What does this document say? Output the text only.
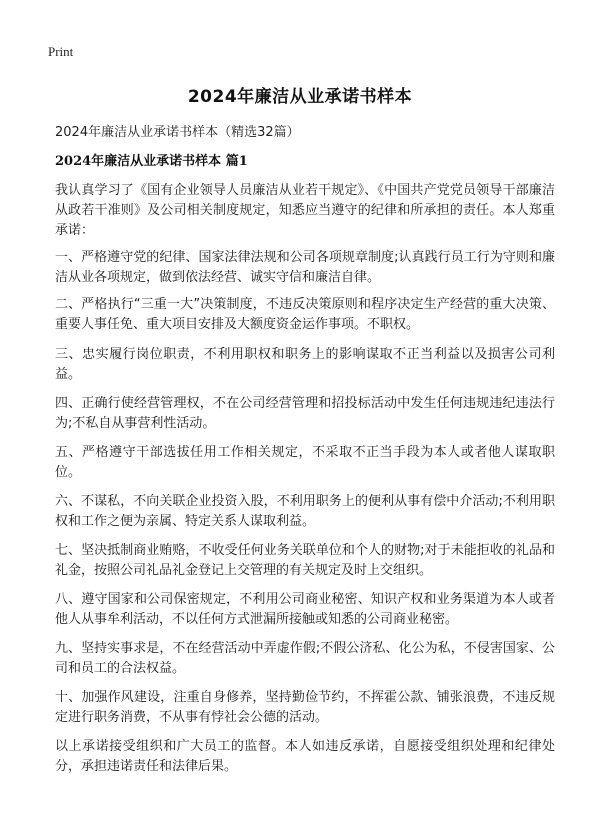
Print
2024年廉洁从业承诺书样本
2024年廉洁从业承诺书样本（精选32篇）
2024年廉洁从业承诺书样本 篇1

我认真学习了《国有企业领导人员廉洁从业若干规定》、《中国共产党党员领导干部廉洁从政若干准则》及公司相关制度规定，知悉应当遵守的纪律和所承担的责任。本人郑重承诺：

一、严格遵守党的纪律、国家法律法规和公司各项规章制度;认真践行员工行为守则和廉洁从业各项规定，做到依法经营、诚实守信和廉洁自律。

二、严格执行“三重一大”决策制度，不违反决策原则和程序决定生产经营的重大决策、重要人事任免、重大项目安排及大额度资金运作事项。不职权。

三、忠实履行岗位职责，不利用职权和职务上的影响谋取不正当利益以及损害公司利益。

四、正确行使经营管理权，不在公司经营管理和招投标活动中发生任何违规违纪违法行为;不私自从事营利性活动。

五、严格遵守干部选拔任用工作相关规定，不采取不正当手段为本人或者他人谋取职位。

六、不谋私，不向关联企业投资入股，不利用职务上的便利从事有偿中介活动;不利用职权和工作之便为亲属、特定关系人谋取利益。

七、坚决抵制商业贿赂，不收受任何业务关联单位和个人的财物;对于未能拒收的礼品和礼金，按照公司礼品礼金登记上交管理的有关规定及时上交组织。

八、遵守国家和公司保密规定，不利用公司商业秘密、知识产权和业务渠道为本人或者他人从事牟利活动，不以任何方式泄漏所接触或知悉的公司商业秘密。

九、坚持实事求是，不在经营活动中弄虚作假;不假公济私、化公为私，不侵害国家、公司和员工的合法权益。

十、加强作风建设，注重自身修养，坚持勤俭节约，不挥霍公款、铺张浪费，不违反规定进行职务消费，不从事有悖社会公德的活动。

以上承诺接受组织和广大员工的监督。本人如违反承诺，自愿接受组织处理和纪律处分，承担违诺责任和法律后果。
